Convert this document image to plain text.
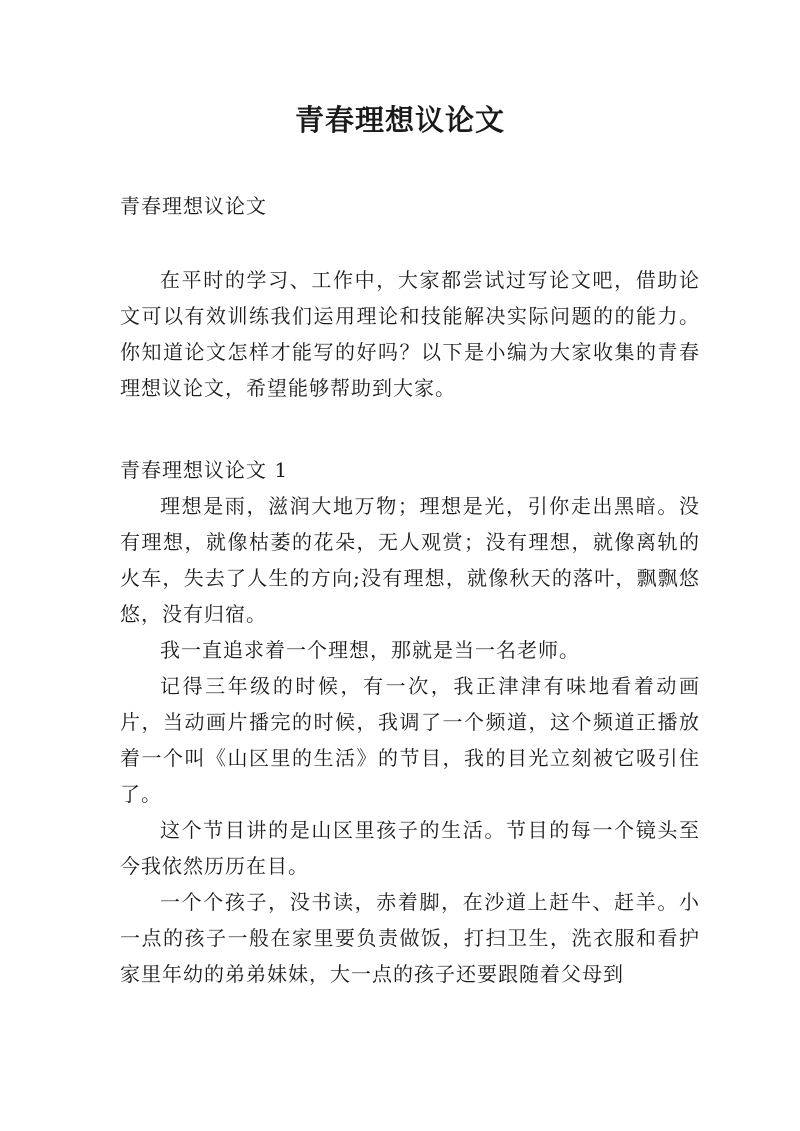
青春理想议论文
青春理想议论文

在平时的学习、工作中，大家都尝试过写论文吧，借助论文可以有效训练我们运用理论和技能解决实际问题的的能力。你知道论文怎样才能写的好吗？以下是小编为大家收集的青春理想议论文，希望能够帮助到大家。

青春理想议论文 1

理想是雨，滋润大地万物；理想是光，引你走出黑暗。没有理想，就像枯萎的花朵，无人观赏；没有理想，就像离轨的火车，失去了人生的方向;没有理想，就像秋天的落叶，飘飘悠悠，没有归宿。

我一直追求着一个理想，那就是当一名老师。

记得三年级的时候，有一次，我正津津有味地看着动画片，当动画片播完的时候，我调了一个频道，这个频道正播放着一个叫《山区里的生活》的节目，我的目光立刻被它吸引住了。

这个节目讲的是山区里孩子的生活。节目的每一个镜头至今我依然历历在目。

一个个孩子，没书读，赤着脚，在沙道上赶牛、赶羊。小一点的孩子一般在家里要负责做饭，打扫卫生，洗衣服和看护家里年幼的弟弟妹妹，大一点的孩子还要跟随着父母到
